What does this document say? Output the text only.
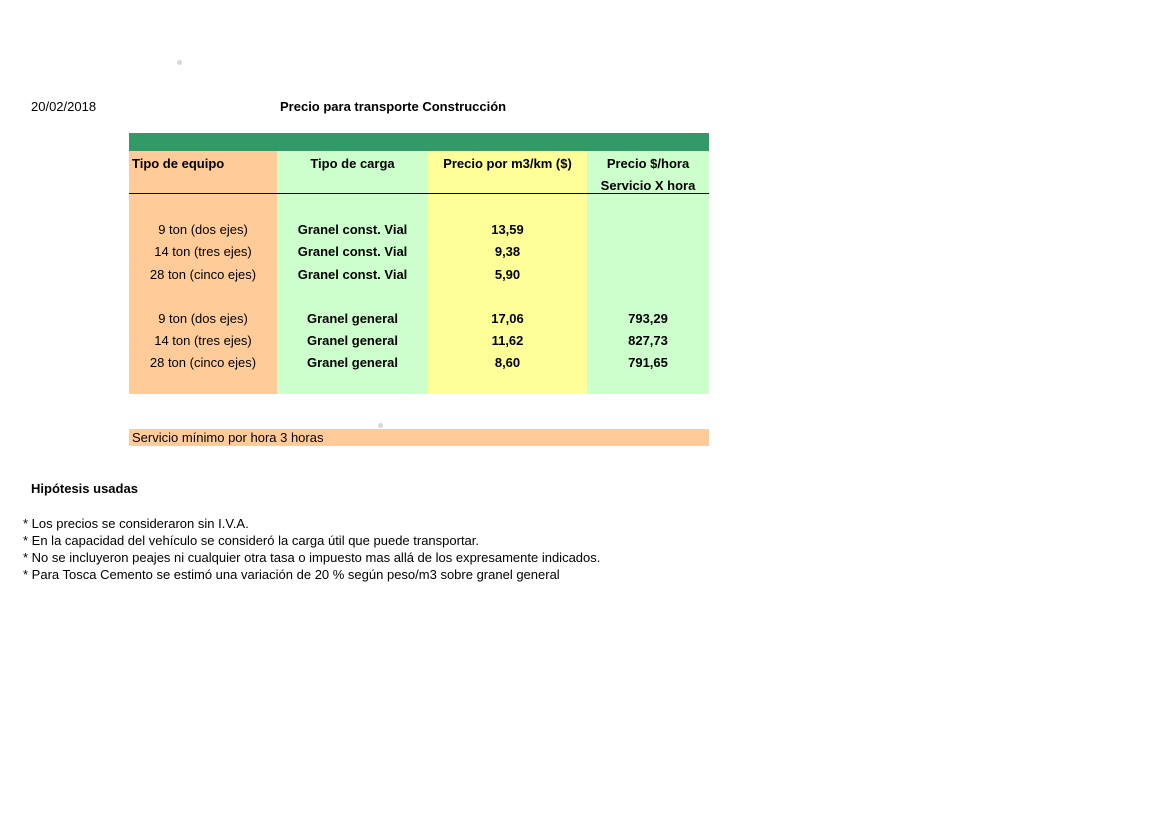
20/02/2018	Precio para transporte Construcción
Tipo de equipo	Tipo de carga	Precio por m3/km ($)	Precio $/hora
Servicio X hora
9 ton (dos ejes)	Granel const. Vial	13,59
14 ton (tres ejes)	Granel const. Vial	9,38
28 ton (cinco ejes)	Granel const. Vial	5,90
9 ton (dos ejes)	Granel general	17,06	793,29
14 ton (tres ejes)	Granel general	11,62	827,73
28 ton (cinco ejes)	Granel general	8,60	791,65
Servicio mínimo por hora 3 horas
Hipótesis usadas
* Los precios se consideraron sin I.V.A.
* En la capacidad del vehículo se consideró la carga útil que puede transportar.
* No se incluyeron peajes ni cualquier otra tasa o impuesto mas allá de los expresamente indicados.
* Para Tosca Cemento se estimó una variación de 20 % según peso/m3 sobre granel general
